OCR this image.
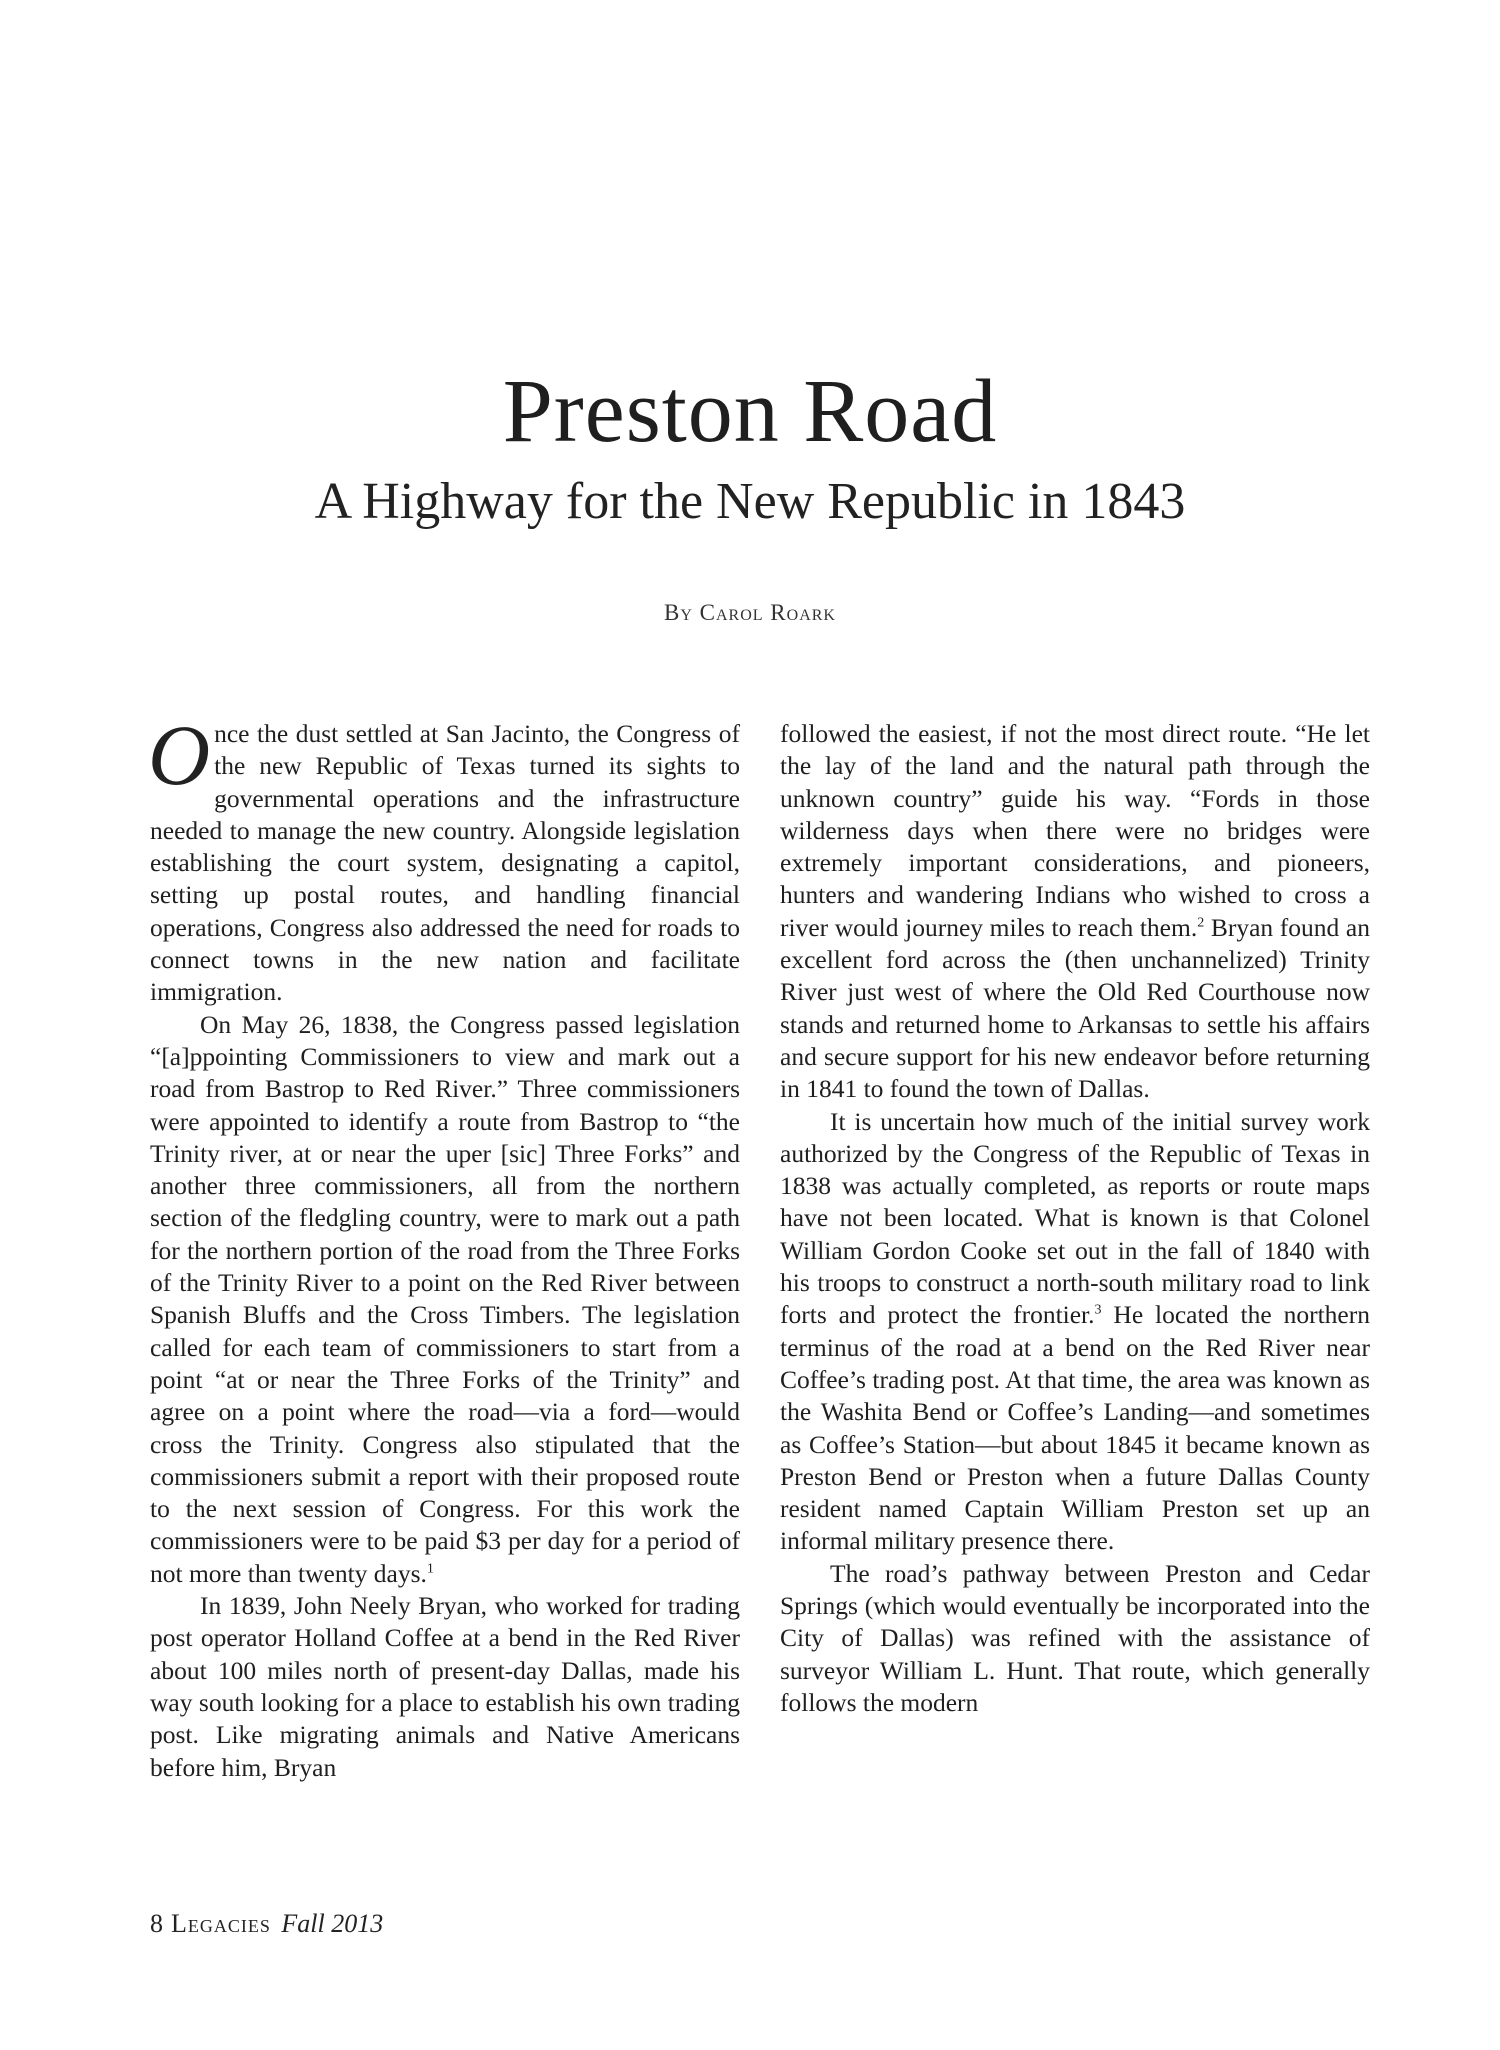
Preston Road
A Highway for the New Republic in 1843
By Carol Roark

Once the dust settled at San Jacinto, the Congress of the new Republic of Texas turned its sights to governmental operations and the infrastructure needed to manage the new country. Alongside legislation establishing the court system, designating a capitol, setting up postal routes, and handling financial operations, Congress also addressed the need for roads to connect towns in the new nation and facilitate immigration.

On May 26, 1838, the Congress passed legislation “[a]ppointing Commissioners to view and mark out a road from Bastrop to Red River.” Three commissioners were appointed to identify a route from Bastrop to “the Trinity river, at or near the uper [sic] Three Forks” and another three commissioners, all from the northern section of the fledgling country, were to mark out a path for the northern portion of the road from the Three Forks of the Trinity River to a point on the Red River between Spanish Bluffs and the Cross Timbers. The legislation called for each team of commissioners to start from a point “at or near the Three Forks of the Trinity” and agree on a point where the road—via a ford—would cross the Trinity. Congress also stipulated that the commissioners submit a report with their proposed route to the next session of Congress. For this work the commissioners were to be paid $3 per day for a period of not more than twenty days.$^1$

In 1839, John Neely Bryan, who worked for trading post operator Holland Coffee at a bend in the Red River about 100 miles north of present-day Dallas, made his way south looking for a place to establish his own trading post. Like migrating animals and Native Americans before him, Bryan

followed the easiest, if not the most direct route. “He let the lay of the land and the natural path through the unknown country” guide his way. “Fords in those wilderness days when there were no bridges were extremely important considerations, and pioneers, hunters and wandering Indians who wished to cross a river would journey miles to reach them.$^2$ Bryan found an excellent ford across the (then unchannelized) Trinity River just west of where the Old Red Courthouse now stands and returned home to Arkansas to settle his affairs and secure support for his new endeavor before returning in 1841 to found the town of Dallas.

It is uncertain how much of the initial survey work authorized by the Congress of the Republic of Texas in 1838 was actually completed, as reports or route maps have not been located. What is known is that Colonel William Gordon Cooke set out in the fall of 1840 with his troops to construct a north-south military road to link forts and protect the frontier.$^3$ He located the northern terminus of the road at a bend on the Red River near Coffee’s trading post. At that time, the area was known as the Washita Bend or Coffee’s Landing—and sometimes as Coffee’s Station—but about 1845 it became known as Preston Bend or Preston when a future Dallas County resident named Captain William Preston set up an informal military presence there.

The road’s pathway between Preston and Cedar Springs (which would eventually be incorporated into the City of Dallas) was refined with the assistance of surveyor William L. Hunt. That route, which generally follows the modern

8 Legacies Fall 2013
